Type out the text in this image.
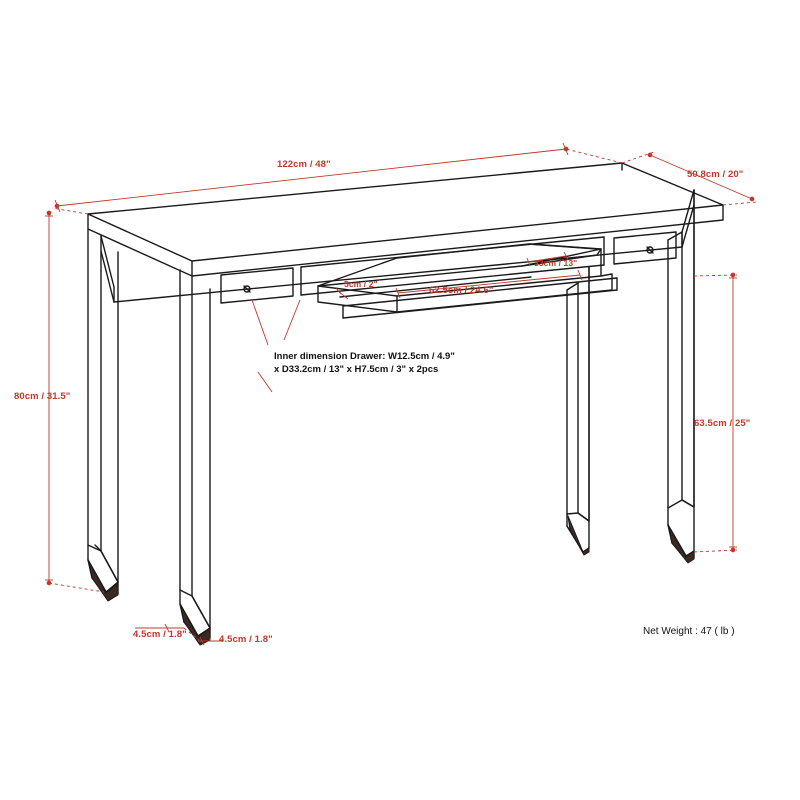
122cm / 48"
50.8cm / 20"
80cm / 31.5"
63.5cm / 25"
62.5cm / 24.6"
5cm / 2"
33cm / 13"
4.5cm / 1.8"	4.5cm / 1.8"
Inner dimension Drawer: W12.5cm / 4.9"
x D33.2cm / 13" x H7.5cm / 3" x 2pcs
Net Weight : 47 ( lb )
